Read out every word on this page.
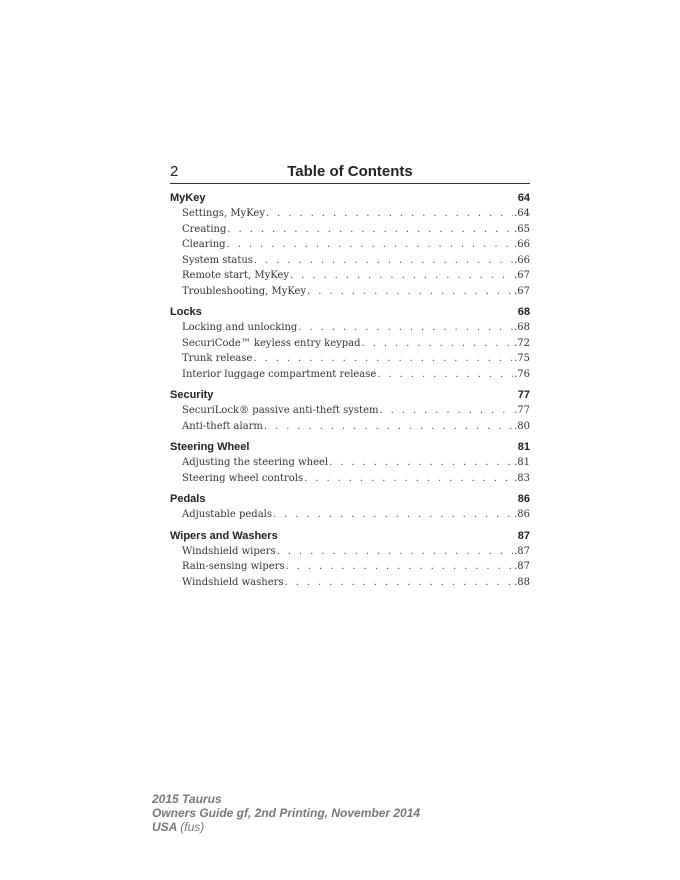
2	Table of Contents
MyKey	64
Settings, MyKey . . .	.64
Creating . . .	.65
Clearing . . .	.66
System status . . .	.66
Remote start, MyKey . . .	.67
Troubleshooting, MyKey . . .	.67
Locks	68
Locking and unlocking . . .	.68
SecuriCode™ keyless entry keypad . . .	.72
Trunk release . . .	.75
Interior luggage compartment release . . .	.76
Security	77
SecuriLock® passive anti-theft system . . .	.77
Anti-theft alarm . . .	.80
Steering Wheel	81
Adjusting the steering wheel . . .	.81
Steering wheel controls . . .	.83
Pedals	86
Adjustable pedals . . .	.86
Wipers and Washers	87
Windshield wipers . . .	.87
Rain-sensing wipers . . .	.87
Windshield washers . . .	.88
2015 Taurus
Owners Guide gf, 2nd Printing, November 2014
USA (fus)
